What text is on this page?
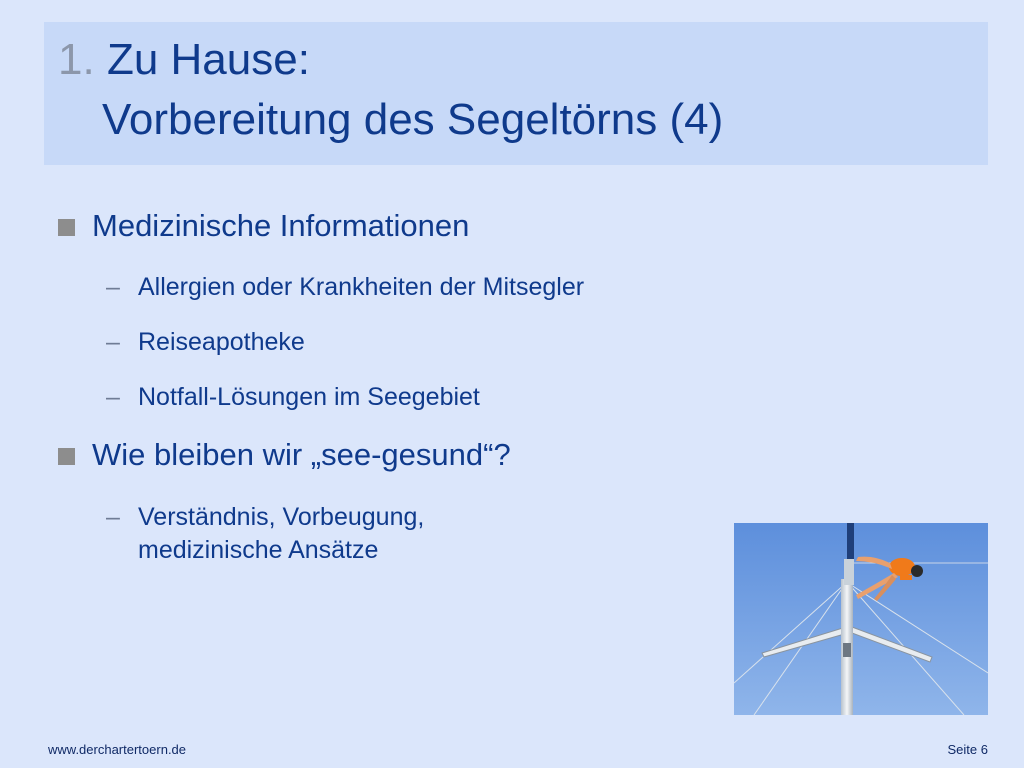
1. Zu Hause:
Vorbereitung des Segeltörns (4)
Medizinische Informationen
– Allergien oder Krankheiten der Mitsegler
– Reiseapotheke
– Notfall-Lösungen im Seegebiet
Wie bleiben wir „see-gesund“?
– Verständnis, Vorbeugung,
medizinische Ansätze
www.derchartertoern.de	Seite 6
